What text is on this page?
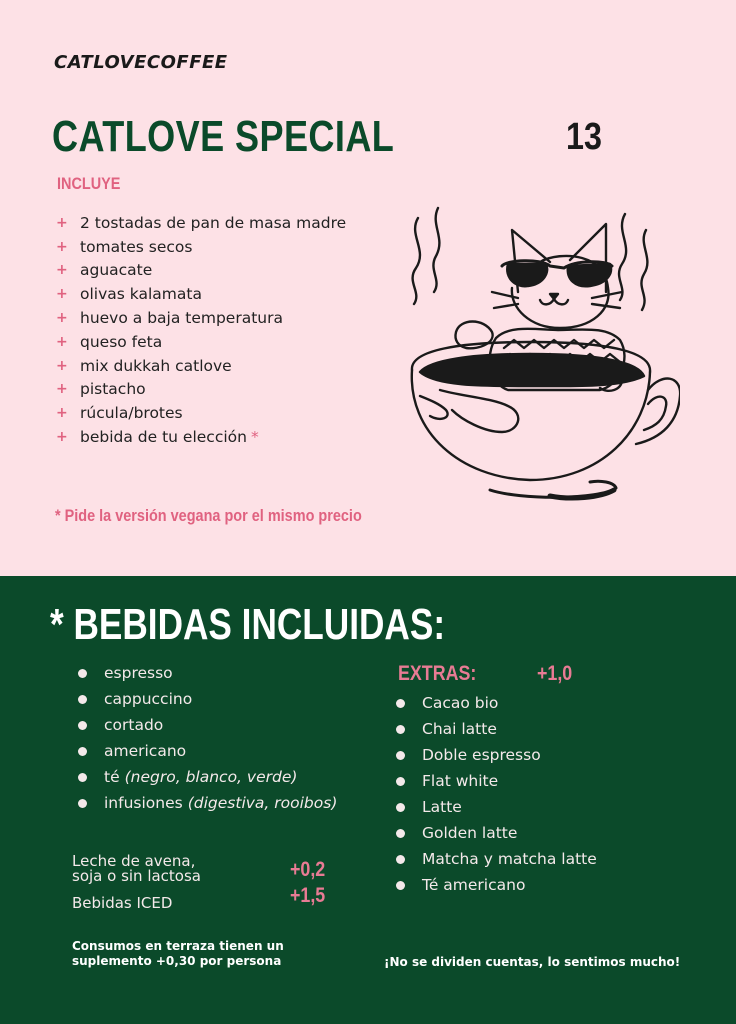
CATLOVECOFFEE
CATLOVE SPECIAL	13
INCLUYE
+ 2 tostadas de pan de masa madre
+ tomates secos
+ aguacate
+ olivas kalamata
+ huevo a baja temperatura
+ queso feta
+ mix dukkah catlove
+ pistacho
+ rúcula/brotes
+ bebida de tu elección *
* Pide la versión vegana por el mismo precio
* BEBIDAS INCLUIDAS:
espresso
cappuccino
cortado
americano
té (negro, blanco, verde)
infusiones (digestiva, rooibos)
EXTRAS:	+1,0
Cacao bio
Chai latte
Doble espresso
Flat white
Latte
Golden latte
Matcha y matcha latte
Té americano
Leche de avena,
soja o sin lactosa	+0,2
Bebidas ICED	+1,5
Consumos en terraza tienen un suplemento +0,30 por persona	¡No se dividen cuentas, lo sentimos mucho!
